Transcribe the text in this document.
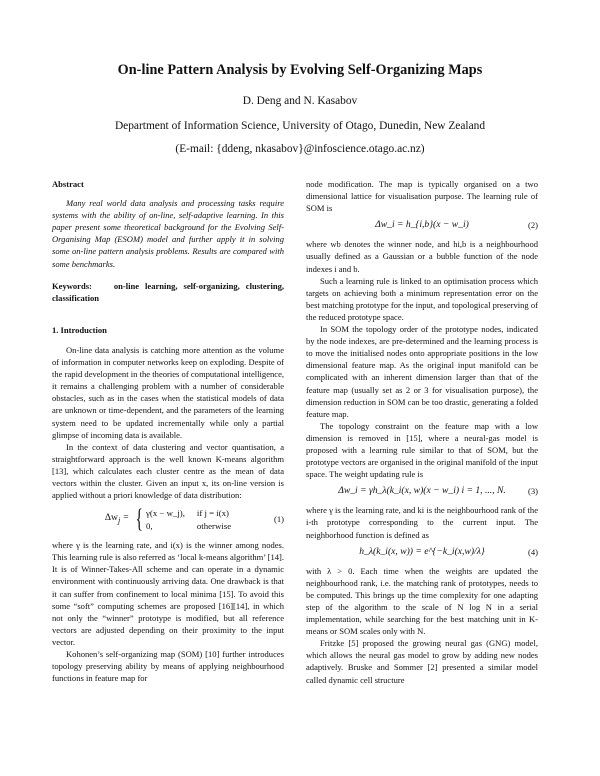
On-line Pattern Analysis by Evolving Self-Organizing Maps
D. Deng and N. Kasabov
Department of Information Science, University of Otago, Dunedin, New Zealand
(E-mail: {ddeng, nkasabov}@infoscience.otago.ac.nz)
Abstract

Many real world data analysis and processing tasks require systems with the ability of on-line, self-adaptive learning. In this paper present some theoretical background for the Evolving Self-Organising Map (ESOM) model and further apply it in solving some on-line pattern analysis problems. Results are compared with some benchmarks.

Keywords:	on-line learning, self-organizing, clustering, classification
1. Introduction

On-line data analysis is catching more attention as the volume of information in computer networks keep on exploding. Despite of the rapid development in the theories of computational intelligence, it remains a challenging problem with a number of considerable obstacles, such as in the cases when the statistical models of data are unknown or time-dependent, and the parameters of the learning system need to be updated incrementally while only a partial glimpse of incoming data is available.

In the context of data clustering and vector quantisation, a straightforward approach is the well known K-means algorithm [13], which calculates each cluster centre as the mean of data vectors within the cluster. Given an input x, its on-line version is applied without a priori knowledge of data distribution:

$\Delta w_j$ = { γ(x − w_j), if j = i(x)
0,	otherwise
(1)

where γ is the learning rate, and i(x) is the winner among nodes. This learning rule is also referred as ‘local k-means algorithm’ [14]. It is of Winner-Takes-All scheme and can operate in a dynamic environment with continuously arriving data. One drawback is that it can suffer from confinement to local minima [15]. To avoid this some “soft” computing schemes are proposed [16][14], in which not only the “winner” prototype is modified, but all reference vectors are adjusted depending on their proximity to the input vector.

Kohonen’s self-organizing map (SOM) [10] further introduces topology preserving ability by means of applying neighbourhood functions in feature map for

node modification. The map is typically organised on a two dimensional lattice for visualisation purpose. The learning rule of SOM is

Δw_i = h_{i,b}(x − w_i)	(2)

where wb denotes the winner node, and hi,b is a neighbourhood usually defined as a Gaussian or a bubble function of the node indexes i and b.

Such a learning rule is linked to an optimisation process which targets on achieving both a minimum representation error on the best matching prototype for the input, and topological preserving of the reduced prototype space.

In SOM the topology order of the prototype nodes, indicated by the node indexes, are pre-determined and the learning process is to move the initialised nodes onto appropriate positions in the low dimensional feature map. As the original input manifold can be complicated with an inherent dimension larger than that of the feature map (usually set as 2 or 3 for visualisation purpose), the dimension reduction in SOM can be too drastic, generating a folded feature map.

The topology constraint on the feature map with a low dimension is removed in [15], where a neural-gas model is proposed with a learning rule similar to that of SOM, but the prototype vectors are organised in the original manifold of the input space. The weight updating rule is

Δw_i = γh_λ(k_i(x, w)(x − w_i) i = 1, ..., N.	(3)

where γ is the learning rate, and ki is the neighbourhood rank of the i-th prototype corresponding to the current input. The neighborhood function is defined as

h_λ(k_i(x, w)) = e^{−k_i(x,w)/λ}	(4)

with λ > 0. Each time when the weights are updated the neighbourhood rank, i.e. the matching rank of prototypes, needs to be computed. This brings up the time complexity for one adapting step of the algorithm to the scale of N log N in a serial implementation, while searching for the best matching unit in K-means or SOM scales only with N.

Fritzke [5] proposed the growing neural gas (GNG) model, which allows the neural gas model to grow by adding new nodes adaptively. Bruske and Sommer [2] presented a similar model called dynamic cell structure
